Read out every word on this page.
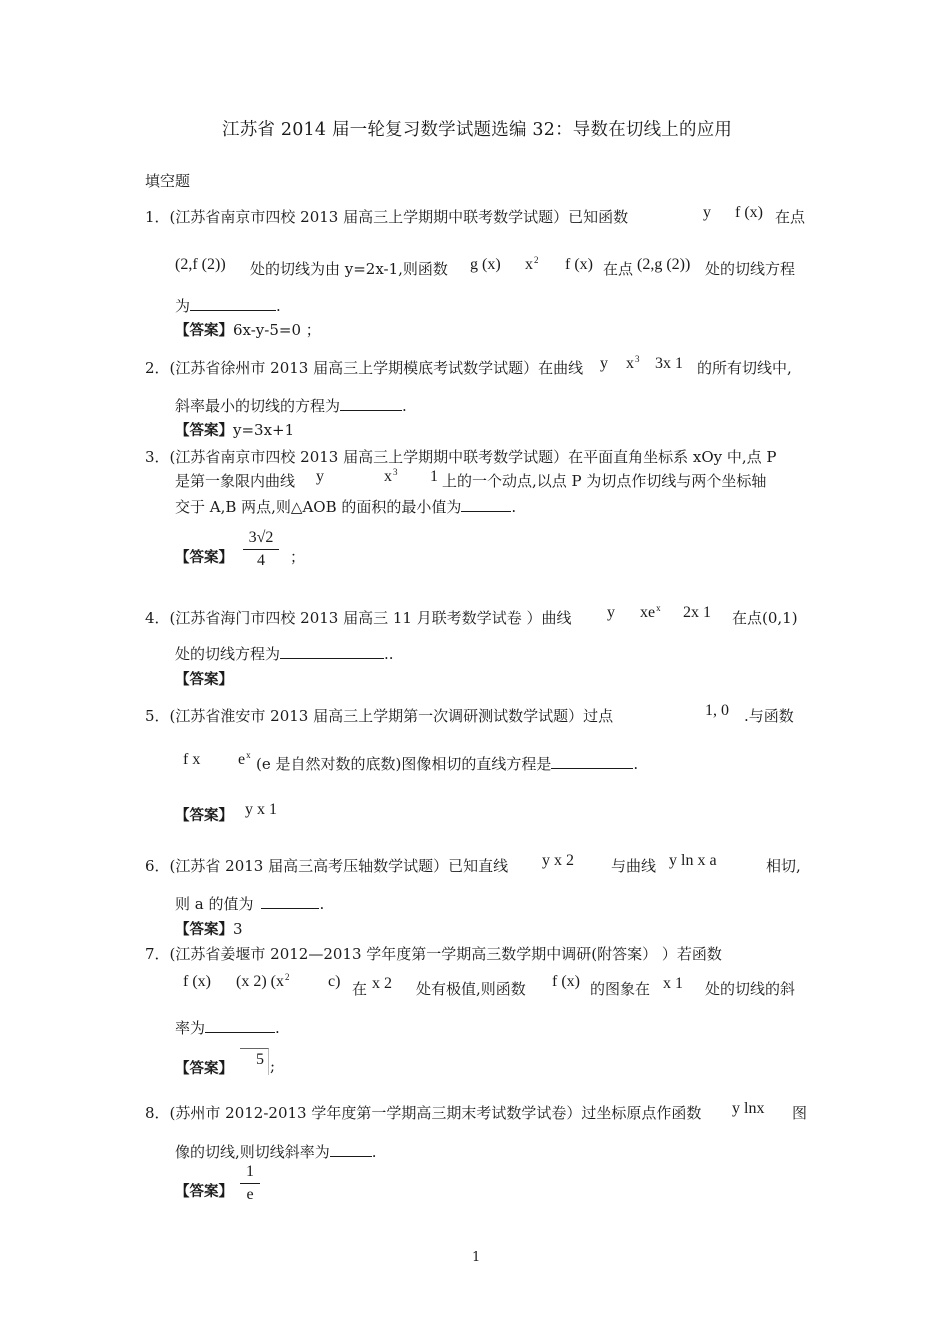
江苏省 2014 届一轮复习数学试题选编 32：导数在切线上的应用
填空题
1．(江苏省南京市四校 2013 届高三上学期期中联考数学试题）已知函数	y f (x) 在点
(2,f (2)) 处的切线为由 y=2x-1,则函数 g (x) $x^2$ f (x) 在点 (2,g (2)) 处的切线方程
为	.
【答案】6x-y-5=0 ；
2．(江苏省徐州市 2013 届高三上学期模底考试数学试题）在曲线 y $x^3$ 3x 1 的所有切线中,
斜率最小的切线的方程为	.
【答案】y=3x+1
3．(江苏省南京市四校 2013 届高三上学期期中联考数学试题）在平面直角坐标系 xOy 中,点 P
是第一象限内曲线 y	$x^3$ 1 上的一个动点,以点 P 为切点作切线与两个坐标轴
交于 A,B 两点,则△AOB 的面积的最小值为	.
【答案】
3√2
4	；
4．(江苏省海门市四校 2013 届高三 11 月联考数学试卷 ）曲线 y $xe^x$ 2x 1 在点(0,1)
处的切线方程为	..
【答案】
5．(江苏省淮安市 2013 届高三上学期第一次调研测试数学试题）过点	1, 0 .与函数
f x $e^x$ (e 是自然对数的底数)图像相切的直线方程是	.
【答案】 y x 1
6．(江苏省 2013 届高三高考压轴数学试题）已知直线 y x 2 与曲线 y ln x a	相切,
则 a 的值为	.
【答案】3
7．(江苏省姜堰市 2012—2013 学年度第一学期高三数学期中调研(附答案） ）若函数
f (x) (x 2) ($x^2$ c) 在 x 2 处有极值,则函数 f (x) 的图象在 x 1 处的切线的斜
率为	.
【答案】
5 ;
8．(苏州市 2012-2013 学年度第一学期高三期末考试数学试卷）过坐标原点作函数 y lnx 图
像的切线,则切线斜率为	.
【答案】
1
e
1
